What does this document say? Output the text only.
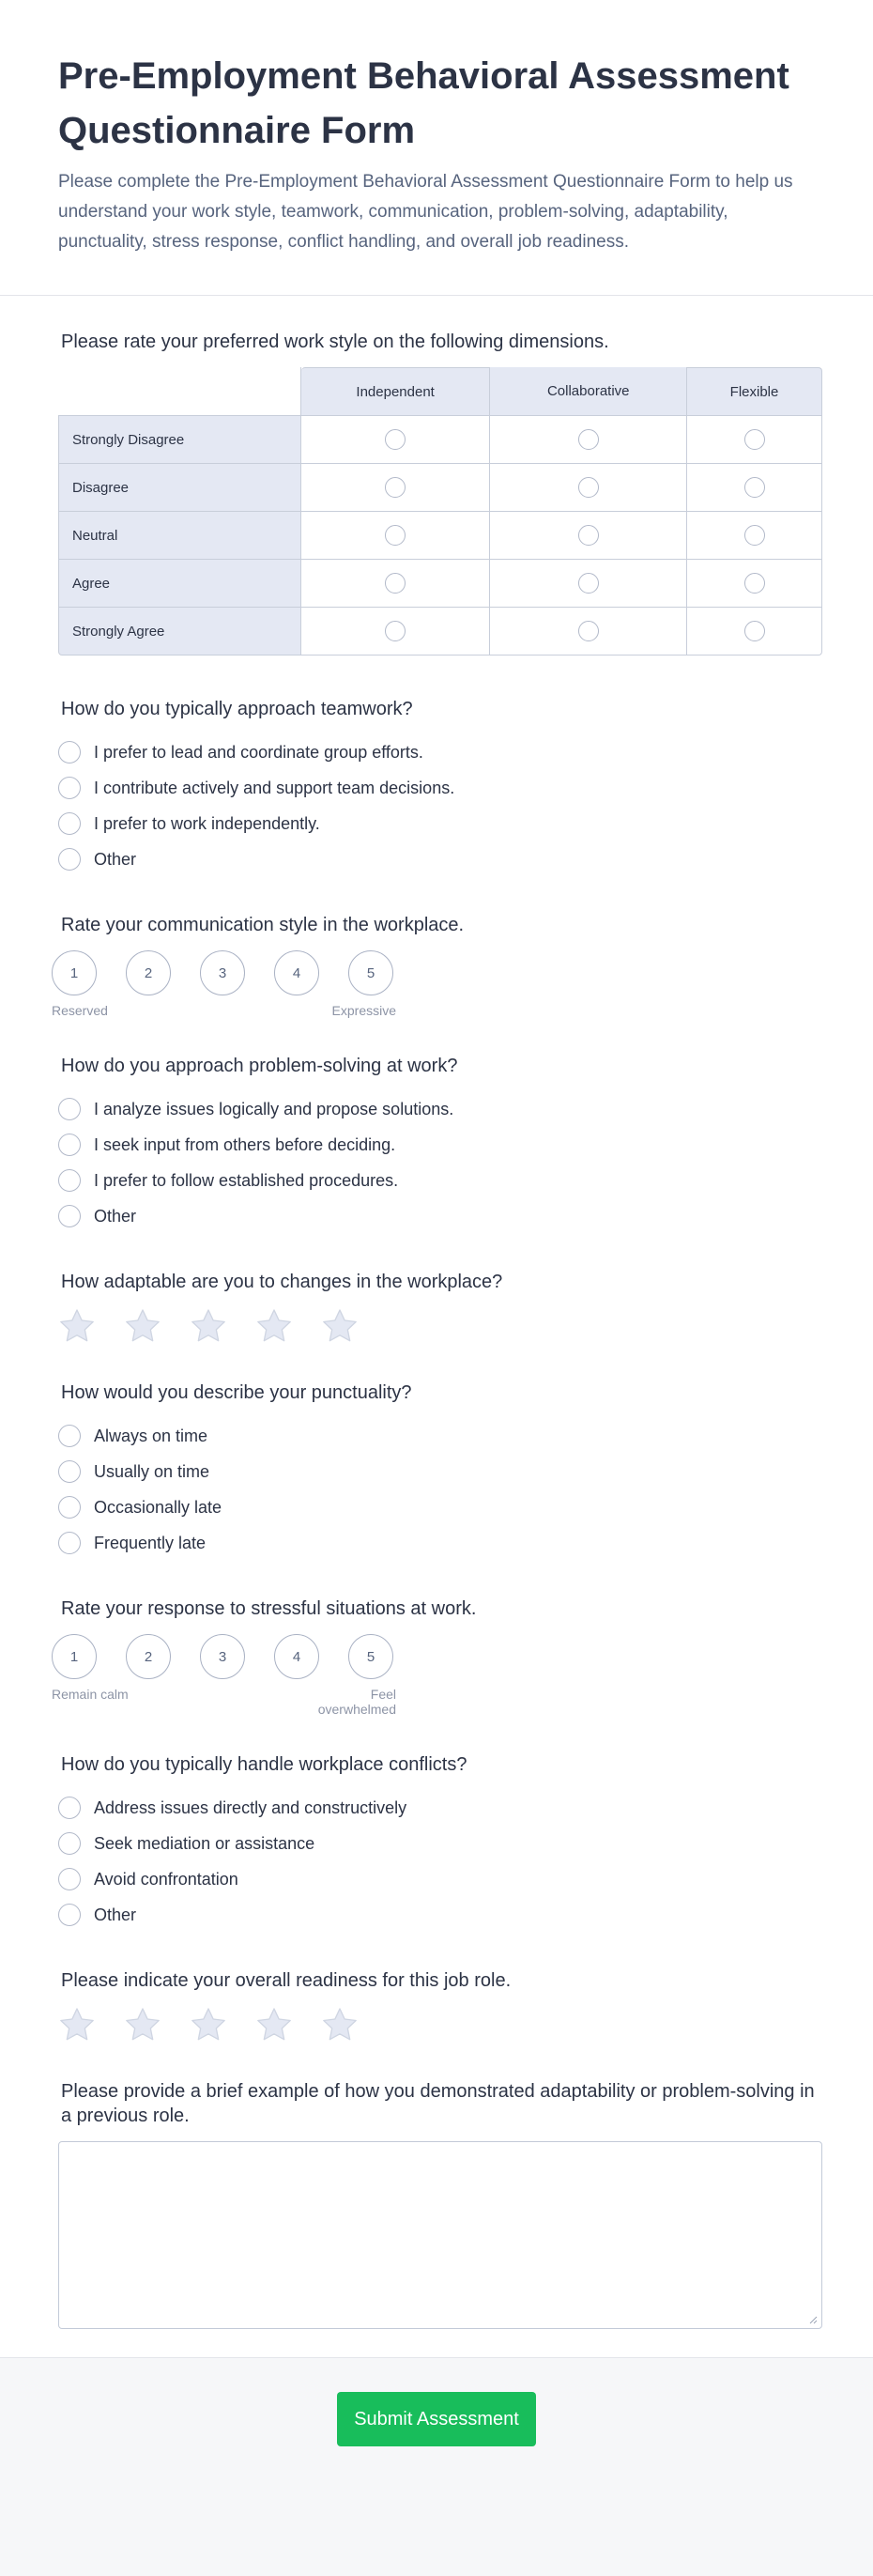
Pre-Employment Behavioral Assessment Questionnaire Form
Please complete the Pre-Employment Behavioral Assessment Questionnaire Form to help us understand your work style, teamwork, communication, problem-solving, adaptability, punctuality, stress response, conflict handling, and overall job readiness.
Please rate your preferred work style on the following dimensions.
	Independent	Collaborative	Flexible
Strongly Disagree			
Disagree			
Neutral			
Agree			
Strongly Agree			
How do you typically approach teamwork?
I prefer to lead and coordinate group efforts.
I contribute actively and support team decisions.
I prefer to work independently.
Other
Rate your communication style in the workplace.
1	2	3	4	5
Reserved	Expressive
How do you approach problem-solving at work?
I analyze issues logically and propose solutions.
I seek input from others before deciding.
I prefer to follow established procedures.
Other
How adaptable are you to changes in the workplace?
How would you describe your punctuality?
Always on time
Usually on time
Occasionally late
Frequently late
Rate your response to stressful situations at work.
1	2	3	4	5
Remain calm	Feel overwhelmed
How do you typically handle workplace conflicts?
Address issues directly and constructively
Seek mediation or assistance
Avoid confrontation
Other
Please indicate your overall readiness for this job role.
Please provide a brief example of how you demonstrated adaptability or problem-solving in a previous role.
Submit Assessment
